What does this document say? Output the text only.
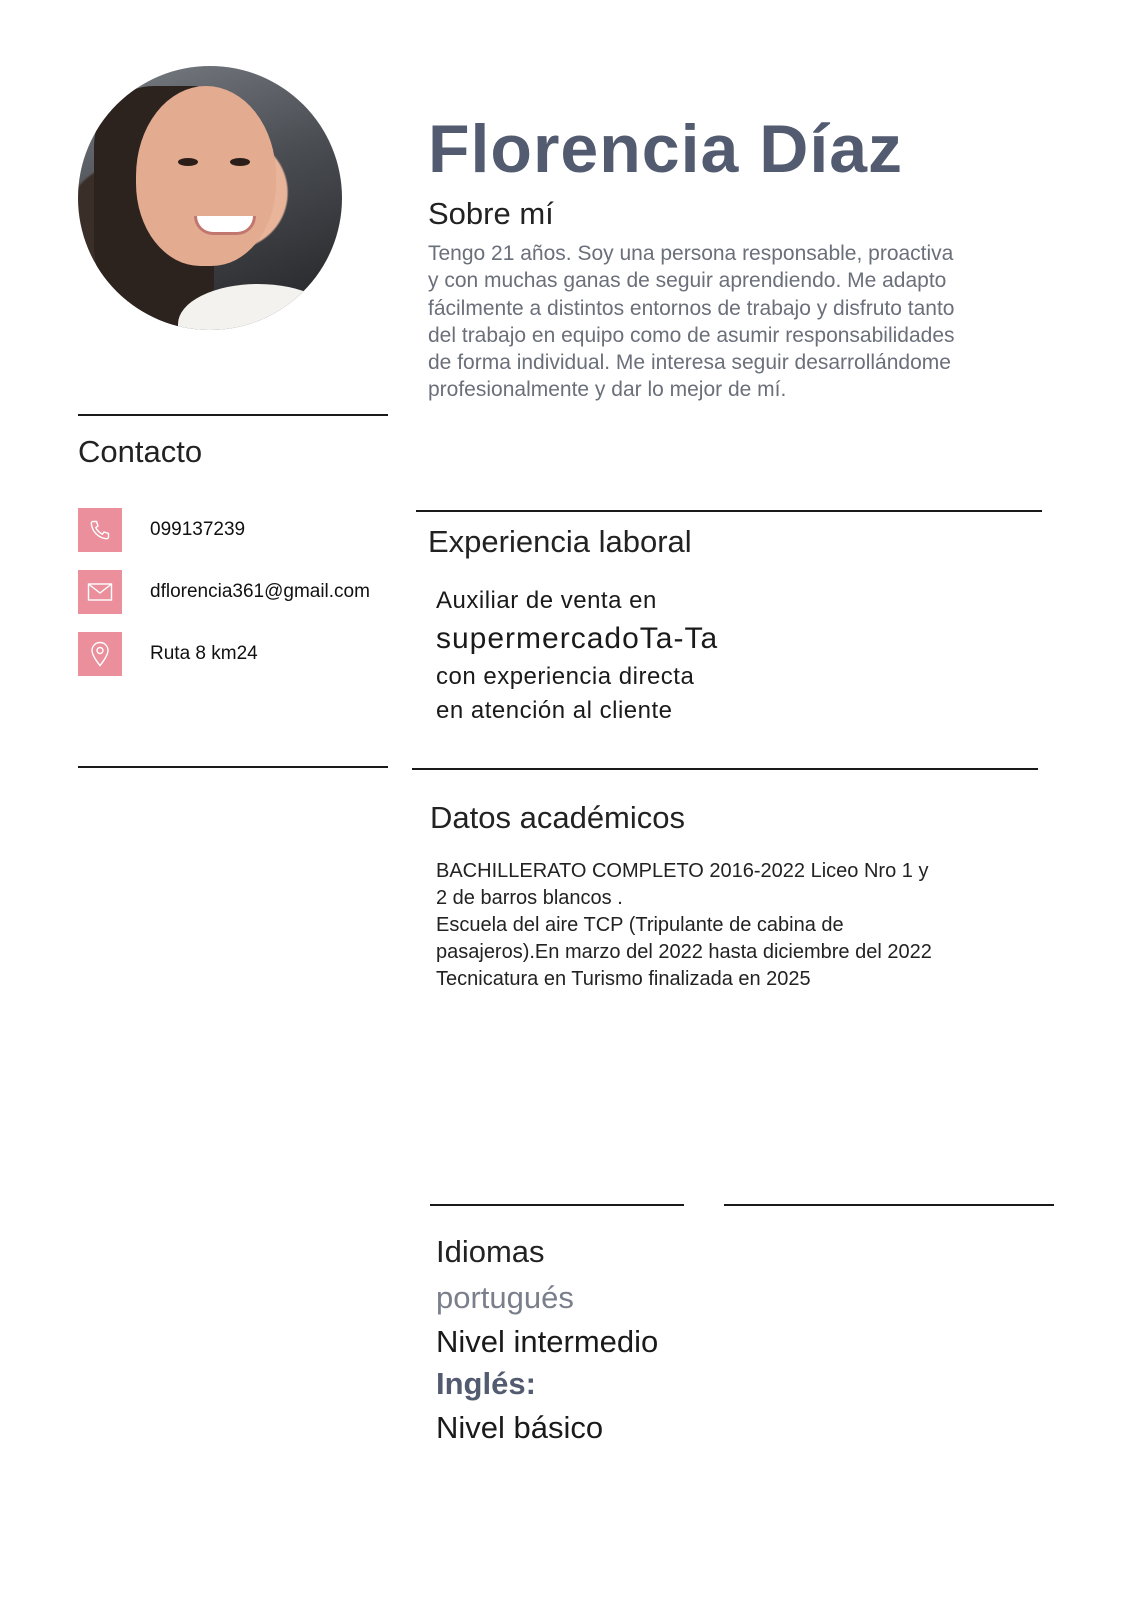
Florencia Díaz
Sobre mí
Tengo 21 años. Soy una persona responsable, proactiva y con muchas ganas de seguir aprendiendo. Me adapto fácilmente a distintos entornos de trabajo y disfruto tanto del trabajo en equipo como de asumir responsabilidades de forma individual. Me interesa seguir desarrollándome profesionalmente y dar lo mejor de mí.
Contacto
099137239
dflorencia361@gmail.com
Ruta 8 km24
Experiencia laboral
Auxiliar de venta en
supermercadoTa-Ta
con experiencia directa
en atención al cliente
Datos académicos
BACHILLERATO COMPLETO 2016-2022 Liceo Nro 1 y 2 de barros blancos .
Escuela del aire TCP (Tripulante de cabina de pasajeros).En marzo del 2022 hasta diciembre del 2022
Tecnicatura en Turismo finalizada en 2025
Idiomas
portugués
Nivel intermedio
Inglés:
Nivel básico
